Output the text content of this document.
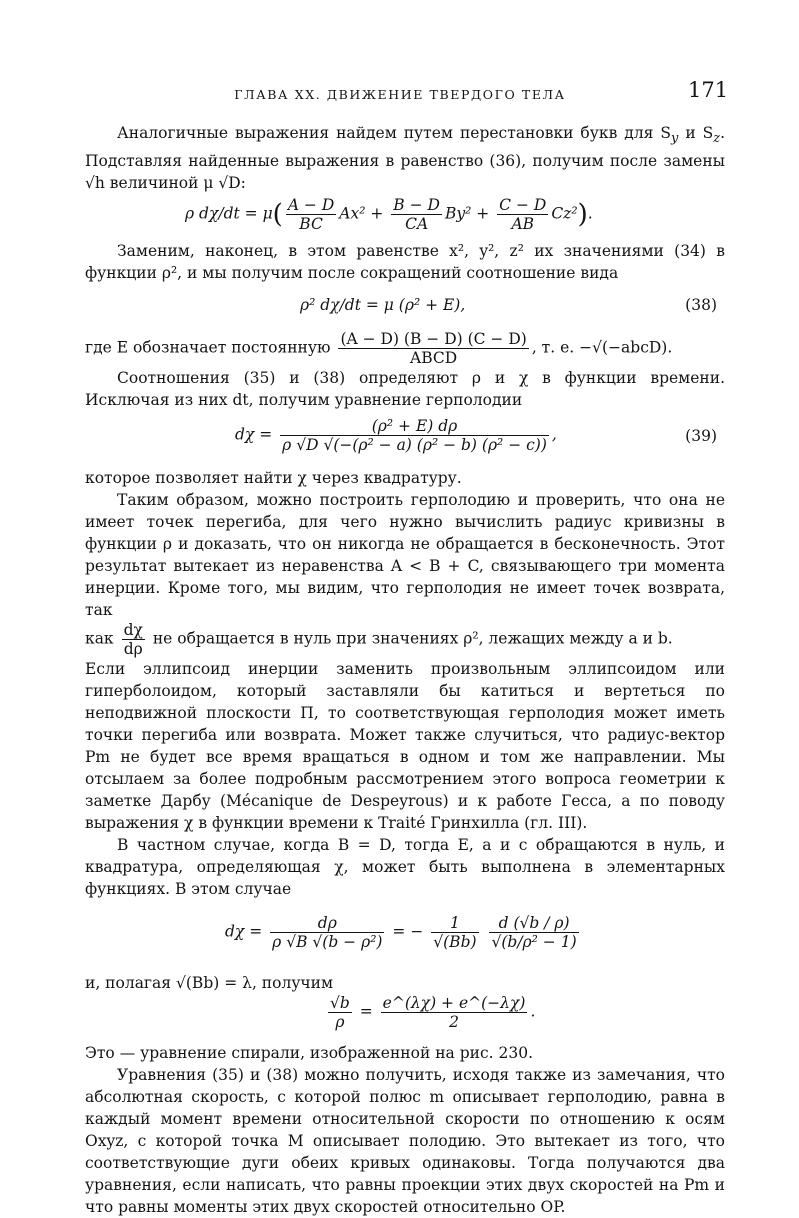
ГЛАВА XX. ДВИЖЕНИЕ ТВЕРДОГО ТЕЛА	171

Аналогичные выражения найдем путем перестановки букв для $S_y$ и $S_z$. Подставляя найденные выражения в равенство (36), получим после замены √h величиной μ √D:

ρ $d\chi/dt = \mu( \frac{A - D}{BC} Ax^2 + \frac{B - D}{CA} By^2 + \frac{C - D}{AB} Cz^2)$.

Заменим, наконец, в этом равенстве x², y², z² их значениями (34) в функции ρ², и мы получим после сокращений соотношение вида

ρ² dχ/dt = μ (ρ² + E),	(38)

где E обозначает постоянную $\frac{(A - D) (B - D) (C - D)}{\text{ABCD}}$ , т. е. −√(−abcD).

Соотношения (35) и (38) определяют ρ и χ в функции времени. Исключая из них dt, получим уравнение герполодии

$d\chi = \frac{\text{(ρ² + E) dρ}}{\text{ρ √D √(−(ρ² − a) (ρ² − b) (ρ² − c))}}$ ,	(39)

которое позволяет найти χ через квадратуру.

Таким образом, можно построить герполодию и проверить, что она не имеет точек перегиба, для чего нужно вычислить радиус кривизны в функции ρ и доказать, что он никогда не обращается в бесконечность. Этот результат вытекает из неравенства A < B + C, связывающего три момента инерции. Кроме того, мы видим, что герполодия не имеет точек возврата, так

как $\frac{d\chi}{d\rho}$ не обращается в нуль при значениях ρ², лежащих между a и b.

Если эллипсоид инерции заменить произвольным эллипсоидом или гиперболоидом, который заставляли бы катиться и вертеться по неподвижной плоскости Π, то соответствующая герполодия может иметь точки перегиба или возврата. Может также случиться, что радиус-вектор Pm не будет все время вращаться в одном и том же направлении. Мы отсылаем за более подробным рассмотрением этого вопроса геометрии к заметке Дарбу (Mécanique de Despeyrous) и к работе Гесса, а по поводу выражения χ в функции времени к Traité Гринхилла (гл. III).

В частном случае, когда B = D, тогда E, a и c обращаются в нуль, и квадратура, определяющая χ, может быть выполнена в элементарных функциях. В этом случае

$d\chi = \frac{d\rho}{\text{ρ √B √(b − ρ²)}}$ = − $\frac{1}{√(Bb)}$
$\frac{d (√b / \rho)}{\text{√(b/ρ² − 1)}}$

и, полагая √(Bb) = λ, получим

$\frac{√b}{\rho} = \frac{e\^{}(\lambda\chi) + e\^{}(-\lambda\chi)}{2}$ .

Это — уравнение спирали, изображенной на рис. 230.

Уравнения (35) и (38) можно получить, исходя также из замечания, что абсолютная скорость, с которой полюс m описывает герполодию, равна в каждый момент времени относительной скорости по отношению к осям Oxyz, с которой точка M описывает полодию. Это вытекает из того, что соответствующие дуги обеих кривых одинаковы. Тогда получаются два уравнения, если написать, что равны проекции этих двух скоростей на Pm и что равны моменты этих двух скоростей относительно OP.
